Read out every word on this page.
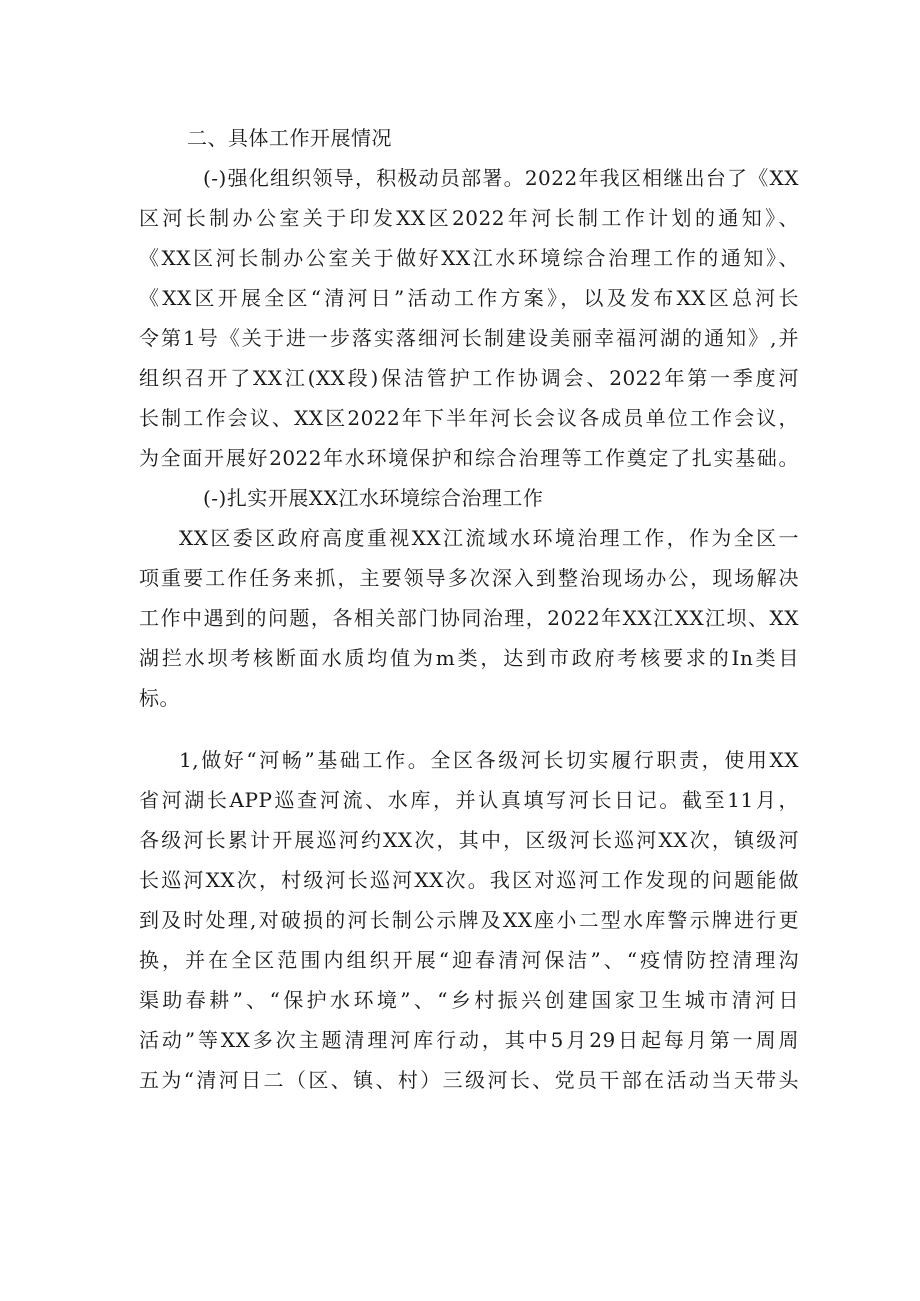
二、具体工作开展情况

(-)强化组织领导，积极动员部署。2022年我区相继出台了《XX

区河长制办公室关于印发XX区2022年河长制工作计划的通知》、

《XX区河长制办公室关于做好XX江水环境综合治理工作的通知》、

《XX区开展全区“清河日”活动工作方案》，以及发布XX区总河长

令第1号《关于进一步落实落细河长制建设美丽幸福河湖的通知》,并

组织召开了XX江(XX段)保洁管护工作协调会、2022年第一季度河

长制工作会议、XX区2022年下半年河长会议各成员单位工作会议，

为全面开展好2022年水环境保护和综合治理等工作奠定了扎实基础。

(-)扎实开展XX江水环境综合治理工作

XX区委区政府高度重视XX江流域水环境治理工作，作为全区一

项重要工作任务来抓，主要领导多次深入到整治现场办公，现场解决

工作中遇到的问题，各相关部门协同治理，2022年XX江XX江坝、XX

湖拦水坝考核断面水质均值为m类，达到市政府考核要求的In类目

标。

1,做好“河畅”基础工作。全区各级河长切实履行职责，使用XX

省河湖长APP巡查河流、水库，并认真填写河长日记。截至11月，

各级河长累计开展巡河约XX次，其中，区级河长巡河XX次，镇级河

长巡河XX次，村级河长巡河XX次。我区对巡河工作发现的问题能做

到及时处理,对破损的河长制公示牌及XX座小二型水库警示牌进行更

换，并在全区范围内组织开展“迎春清河保洁”、“疫情防控清理沟

渠助春耕”、“保护水环境”、“乡村振兴创建国家卫生城市清河日

活动”等XX多次主题清理河库行动，其中5月29日起每月第一周周

五为“清河日二（区、镇、村）三级河长、党员干部在活动当天带头
